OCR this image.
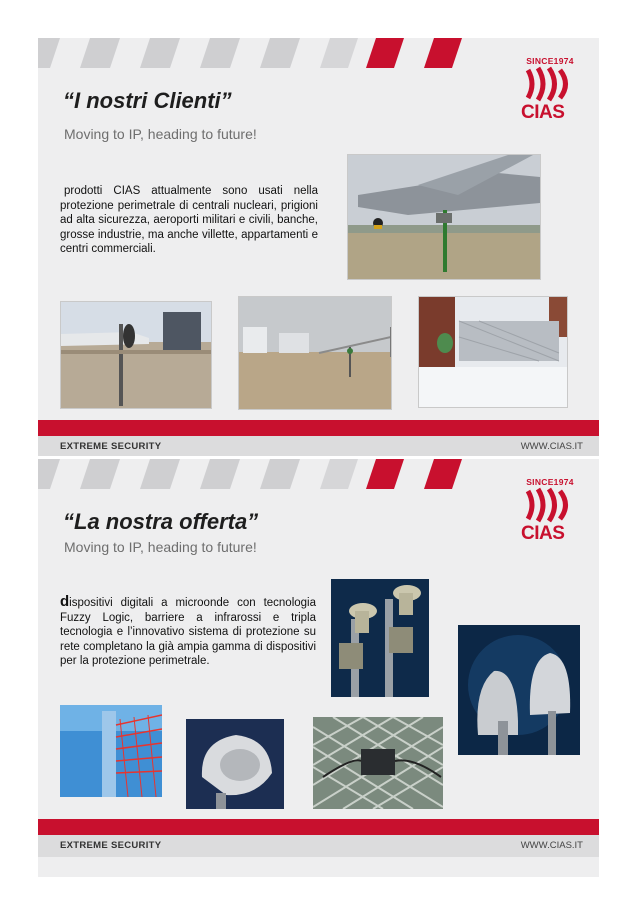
SINCE1974
CIAS
“I nostri Clienti”
Moving to IP, heading to future!
prodotti CIAS attualmente sono usati nella protezione perimetrale di centrali nucleari, prigioni ad alta sicurezza, aeroporti militari e civili, banche, grosse industrie, ma anche villette, appartamenti e centri commerciali.
EXTREME SECURITY	WWW.CIAS.IT
SINCE1974
CIAS
“La nostra offerta”
Moving to IP, heading to future!
dispositivi digitali a microonde con tecnologia Fuzzy Logic, barriere a infrarossi e tripla tecnologia e l’innovativo sistema di protezione su rete completano la già ampia gamma di dispositivi per la protezione perimetrale.
EXTREME SECURITY	WWW.CIAS.IT
